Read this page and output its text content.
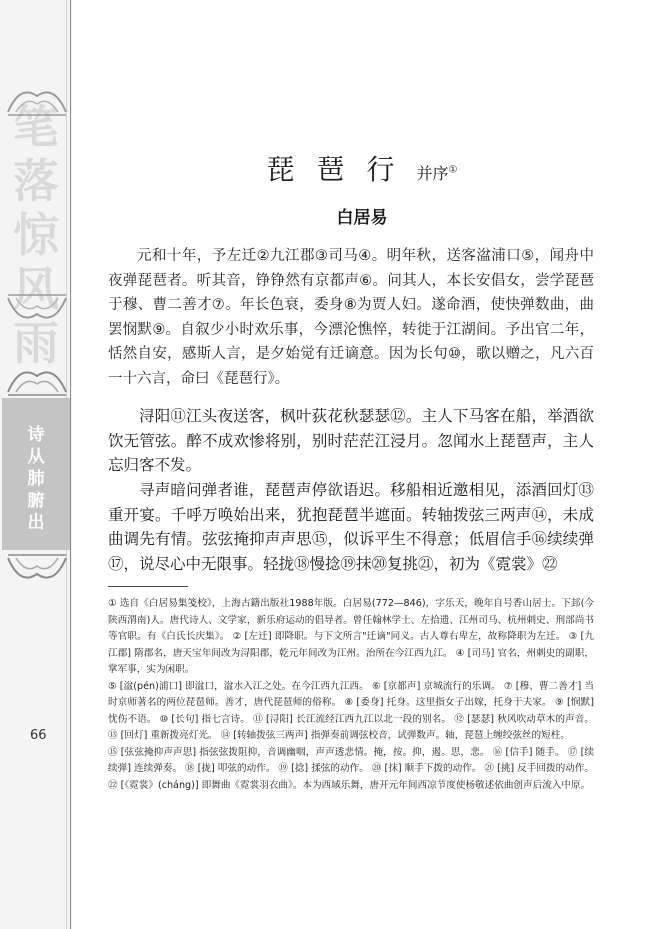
笔
落
惊
风
雨
诗
从
肺
腑
出
66
琵琶行并序①
白居易
元和十年，予左迁②九江郡③司马④。明年秋，送客湓浦口⑤，闻舟中夜弹琵琶者。听其音，铮铮然有京都声⑥。问其人，本长安倡女，尝学琵琶于穆、曹二善才⑦。年长色衰，委身⑧为贾人妇。遂命酒，使快弹数曲，曲罢悯默⑨。自叙少小时欢乐事，今漂沦憔悴，转徙于江湖间。予出官二年，恬然自安，感斯人言，是夕始觉有迁谪意。因为长句⑩，歌以赠之，凡六百一十六言，命曰《琵琶行》。

浔阳⑪江头夜送客，枫叶荻花秋瑟瑟⑫。主人下马客在船，举酒欲饮无管弦。醉不成欢惨将别，别时茫茫江浸月。忽闻水上琵琶声，主人忘归客不发。

寻声暗问弹者谁，琵琶声停欲语迟。移船相近邀相见，添酒回灯⑬重开宴。千呼万唤始出来，犹抱琵琶半遮面。转轴拨弦三两声⑭，未成曲调先有情。弦弦掩抑声声思⑮，似诉平生不得意；低眉信手⑯续续弹⑰，说尽心中无限事。轻拢⑱慢捻⑲抹⑳复挑㉑，初为《霓裳》㉒

① 选自《白居易集笺校》，上海古籍出版社1988年版。白居易(772—846)，字乐天，晚年自号香山居士。下邽(今陕西渭南)人。唐代诗人、文学家，新乐府运动的倡导者。曾任翰林学士、左拾遗、江州司马、杭州刺史、刑部尚书等官职。有《白氏长庆集》。 ② [左迁] 即降职。与下文所言"迁谪"同义。古人尊右卑左，故称降职为左迁。 ③ [九江郡] 隋郡名，唐天宝年间改为浔阳郡，乾元年间改为江州。治所在今江西九江。 ④ [司马] 官名，州刺史的副职，掌军事，实为闲职。

⑤ [湓(pén)浦口] 即湓口，湓水入江之处。在今江西九江西。 ⑥ [京都声] 京城流行的乐调。 ⑦ [穆、曹二善才] 当时京师著名的两位琵琶师。善才，唐代琵琶师的俗称。 ⑧ [委身] 托身。这里指女子出嫁，托身于夫家。 ⑨ [悯默] 忧伤不语。 ⑩ [长句] 指七言诗。 ⑪ [浔阳] 长江流经江西九江以北一段的别名。 ⑫ [瑟瑟] 秋风吹动草木的声音。 ⑬ [回灯] 重新拨亮灯光。 ⑭ [转轴拨弦三两声] 指弹奏前调弦校音，试弹数声。轴，琵琶上缠绞弦丝的短柱。

⑮ [弦弦掩抑声声思] 指弦弦拨阻抑，音调幽咽，声声透悲情。掩，按。抑，遏。思，悲。 ⑯ [信手] 随手。 ⑰ [续续弹] 连续弹奏。 ⑱ [拢] 叩弦的动作。 ⑲ [捻] 揉弦的动作。 ⑳ [抹] 顺手下拨的动作。 ㉑ [挑] 反手回拨的动作。 ㉒ [《霓裳》(cháng)] 即舞曲《霓裳羽衣曲》。本为西域乐舞，唐开元年间西凉节度使杨敬述依曲创声后流入中原。
